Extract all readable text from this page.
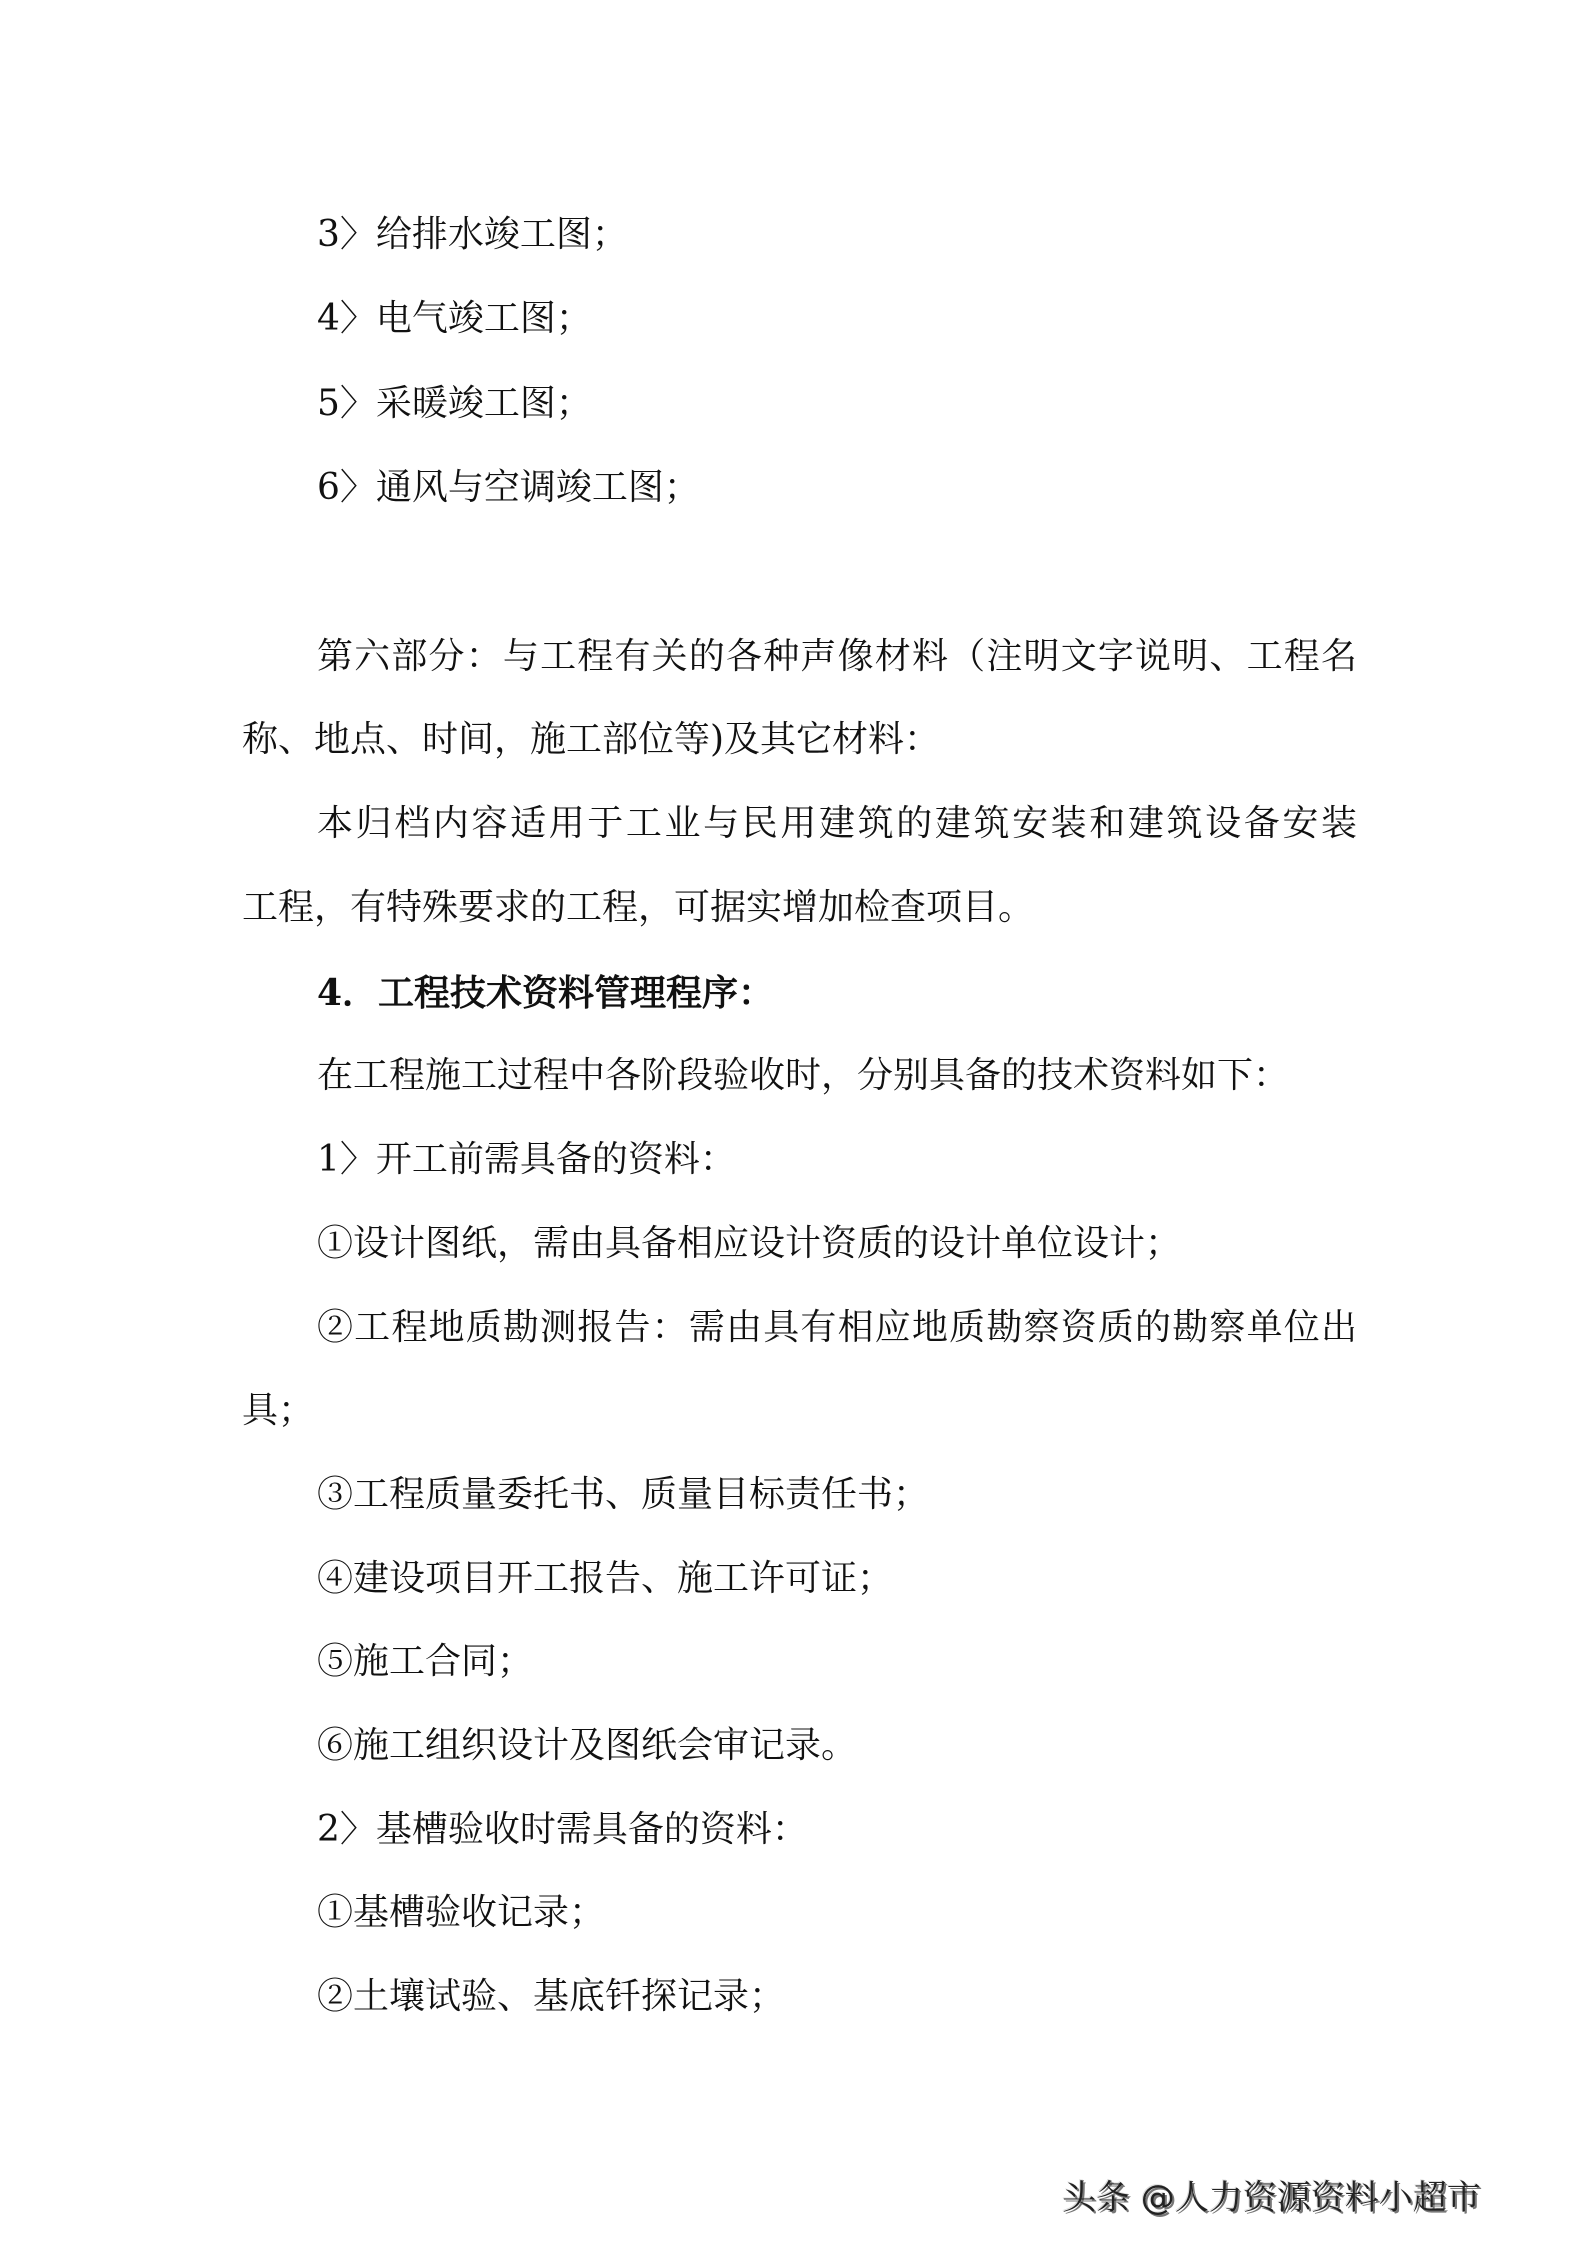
3〉给排水竣工图；
4〉电气竣工图；
5〉采暖竣工图；
6〉通风与空调竣工图；
第六部分：与工程有关的各种声像材料（注明文字说明、工程名
称、地点、时间，施工部位等)及其它材料：
本归档内容适用于工业与民用建筑的建筑安装和建筑设备安装
工程，有特殊要求的工程，可据实增加检查项目。
4．工程技术资料管理程序：
在工程施工过程中各阶段验收时，分别具备的技术资料如下：
1〉开工前需具备的资料：
①设计图纸，需由具备相应设计资质的设计单位设计；
②工程地质勘测报告：需由具有相应地质勘察资质的勘察单位出
具；
③工程质量委托书、质量目标责任书；
④建设项目开工报告、施工许可证；
⑤施工合同；
⑥施工组织设计及图纸会审记录。
2〉基槽验收时需具备的资料：
①基槽验收记录；
②土壤试验、基底钎探记录；
头条 @人力资源资料小超市
